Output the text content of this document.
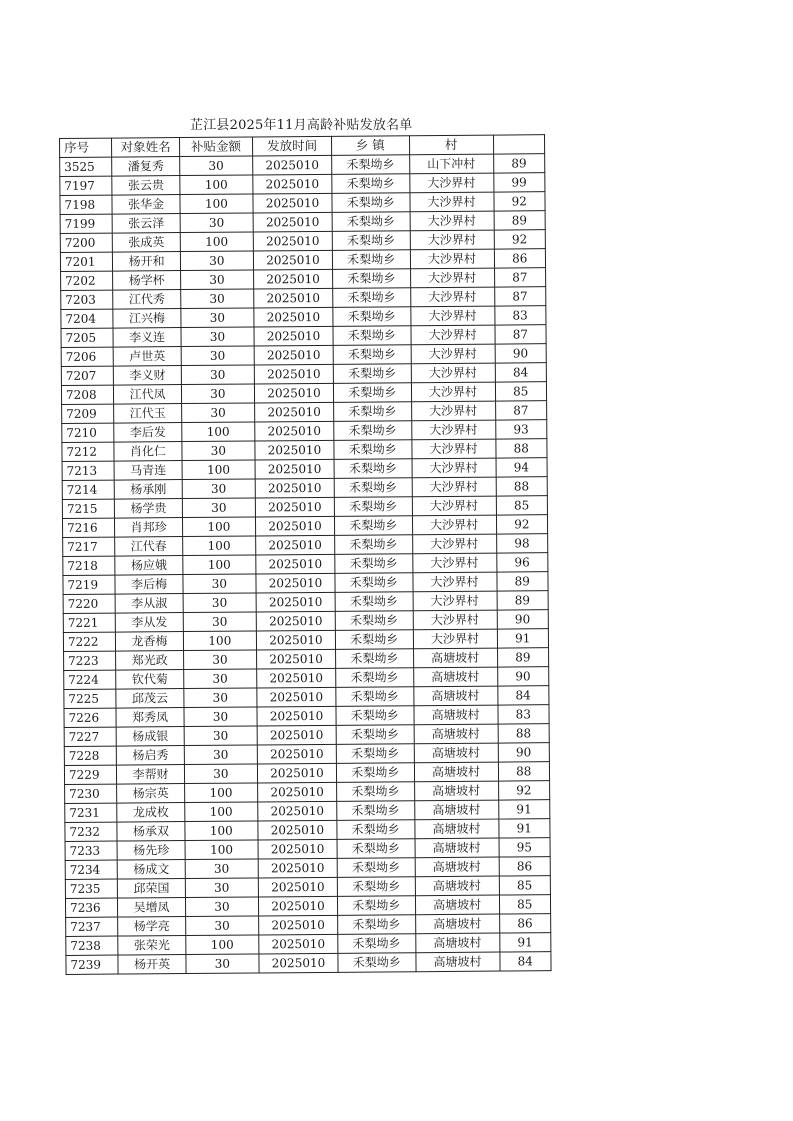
芷江县2025年11月高龄补贴发放名单
序号	对象姓名	补贴金额	发放时间	乡 镇	村	
3525	潘复秀	30	2025010	禾梨坳乡	山下冲村	89
7197	张云贵	100	2025010	禾梨坳乡	大沙界村	99
7198	张华金	100	2025010	禾梨坳乡	大沙界村	92
7199	张云泽	30	2025010	禾梨坳乡	大沙界村	89
7200	张成英	100	2025010	禾梨坳乡	大沙界村	92
7201	杨开和	30	2025010	禾梨坳乡	大沙界村	86
7202	杨学杯	30	2025010	禾梨坳乡	大沙界村	87
7203	江代秀	30	2025010	禾梨坳乡	大沙界村	87
7204	江兴梅	30	2025010	禾梨坳乡	大沙界村	83
7205	李义连	30	2025010	禾梨坳乡	大沙界村	87
7206	卢世英	30	2025010	禾梨坳乡	大沙界村	90
7207	李义财	30	2025010	禾梨坳乡	大沙界村	84
7208	江代凤	30	2025010	禾梨坳乡	大沙界村	85
7209	江代玉	30	2025010	禾梨坳乡	大沙界村	87
7210	李后发	100	2025010	禾梨坳乡	大沙界村	93
7212	肖化仁	30	2025010	禾梨坳乡	大沙界村	88
7213	马青连	100	2025010	禾梨坳乡	大沙界村	94
7214	杨承刚	30	2025010	禾梨坳乡	大沙界村	88
7215	杨学贵	30	2025010	禾梨坳乡	大沙界村	85
7216	肖邦珍	100	2025010	禾梨坳乡	大沙界村	92
7217	江代春	100	2025010	禾梨坳乡	大沙界村	98
7218	杨应娥	100	2025010	禾梨坳乡	大沙界村	96
7219	李后梅	30	2025010	禾梨坳乡	大沙界村	89
7220	李从淑	30	2025010	禾梨坳乡	大沙界村	89
7221	李从发	30	2025010	禾梨坳乡	大沙界村	90
7222	龙香梅	100	2025010	禾梨坳乡	大沙界村	91
7223	郑光政	30	2025010	禾梨坳乡	高塘坡村	89
7224	钦代菊	30	2025010	禾梨坳乡	高塘坡村	90
7225	邱茂云	30	2025010	禾梨坳乡	高塘坡村	84
7226	郑秀凤	30	2025010	禾梨坳乡	高塘坡村	83
7227	杨成银	30	2025010	禾梨坳乡	高塘坡村	88
7228	杨启秀	30	2025010	禾梨坳乡	高塘坡村	90
7229	李帮财	30	2025010	禾梨坳乡	高塘坡村	88
7230	杨宗英	100	2025010	禾梨坳乡	高塘坡村	92
7231	龙成枚	100	2025010	禾梨坳乡	高塘坡村	91
7232	杨承双	100	2025010	禾梨坳乡	高塘坡村	91
7233	杨先珍	100	2025010	禾梨坳乡	高塘坡村	95
7234	杨成文	30	2025010	禾梨坳乡	高塘坡村	86
7235	邱荣国	30	2025010	禾梨坳乡	高塘坡村	85
7236	吴增凤	30	2025010	禾梨坳乡	高塘坡村	85
7237	杨学亮	30	2025010	禾梨坳乡	高塘坡村	86
7238	张荣光	100	2025010	禾梨坳乡	高塘坡村	91
7239	杨开英	30	2025010	禾梨坳乡	高塘坡村	84
